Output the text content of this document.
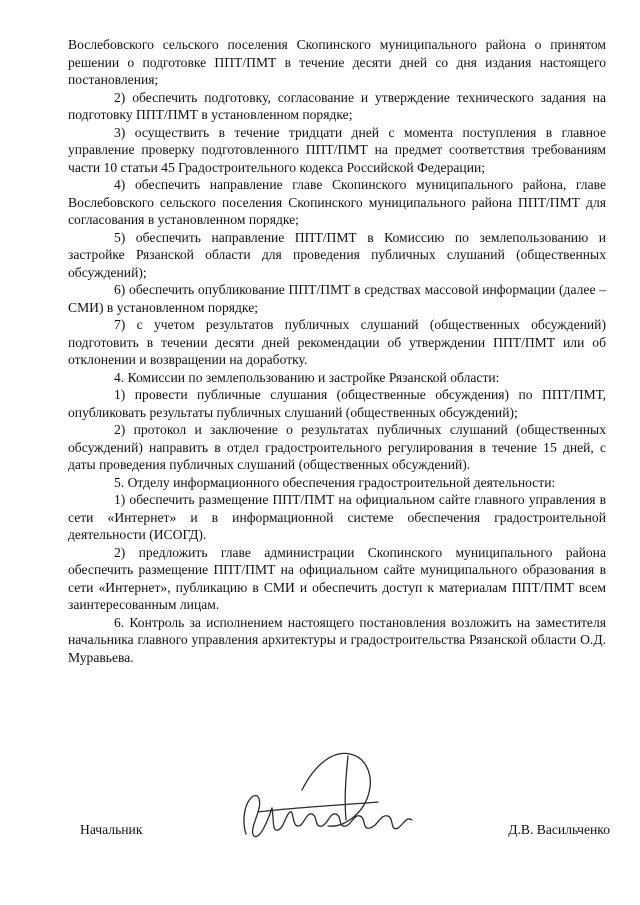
Вослебовского сельского поселения Скопинского муниципального района о принятом решении о подготовке ППТ/ПМТ в течение десяти дней со дня издания настоящего постановления;

2) обеспечить подготовку, согласование и утверждение технического задания на подготовку ППТ/ПМТ в установленном порядке;

3) осуществить в течение тридцати дней с момента поступления в главное управление проверку подготовленного ППТ/ПМТ на предмет соответствия требованиям части 10 статьи 45 Градостроительного кодекса Российской Федерации;

4) обеспечить направление главе Скопинского муниципального района, главе Вослебовского сельского поселения Скопинского муниципального района ППТ/ПМТ для согласования в установленном порядке;

5) обеспечить направление ППТ/ПМТ в Комиссию по землепользованию и застройке Рязанской области для проведения публичных слушаний (общественных обсуждений);

6) обеспечить опубликование ППТ/ПМТ в средствах массовой информации (далее – СМИ) в установленном порядке;

7) с учетом результатов публичных слушаний (общественных обсуждений) подготовить в течении десяти дней рекомендации об утверждении ППТ/ПМТ или об отклонении и возвращении на доработку.

4. Комиссии по землепользованию и застройке Рязанской области:

1) провести публичные слушания (общественные обсуждения) по ППТ/ПМТ, опубликовать результаты публичных слушаний (общественных обсуждений);

2) протокол и заключение о результатах публичных слушаний (общественных обсуждений) направить в отдел градостроительного регулирования в течение 15 дней, с даты проведения публичных слушаний (общественных обсуждений).

5. Отделу информационного обеспечения градостроительной деятельности:

1) обеспечить размещение ППТ/ПМТ на официальном сайте главного управления в сети «Интернет» и в информационной системе обеспечения градостроительной деятельности (ИСОГД).

2) предложить главе администрации Скопинского муниципального района обеспечить размещение ППТ/ПМТ на официальном сайте муниципального образования в сети «Интернет», публикацию в СМИ и обеспечить доступ к материалам ППТ/ПМТ всем заинтересованным лицам.

6. Контроль за исполнением настоящего постановления возложить на заместителя начальника главного управления архитектуры и градостроительства Рязанской области О.Д. Муравьева.

Начальник	Д.В. Васильченко
